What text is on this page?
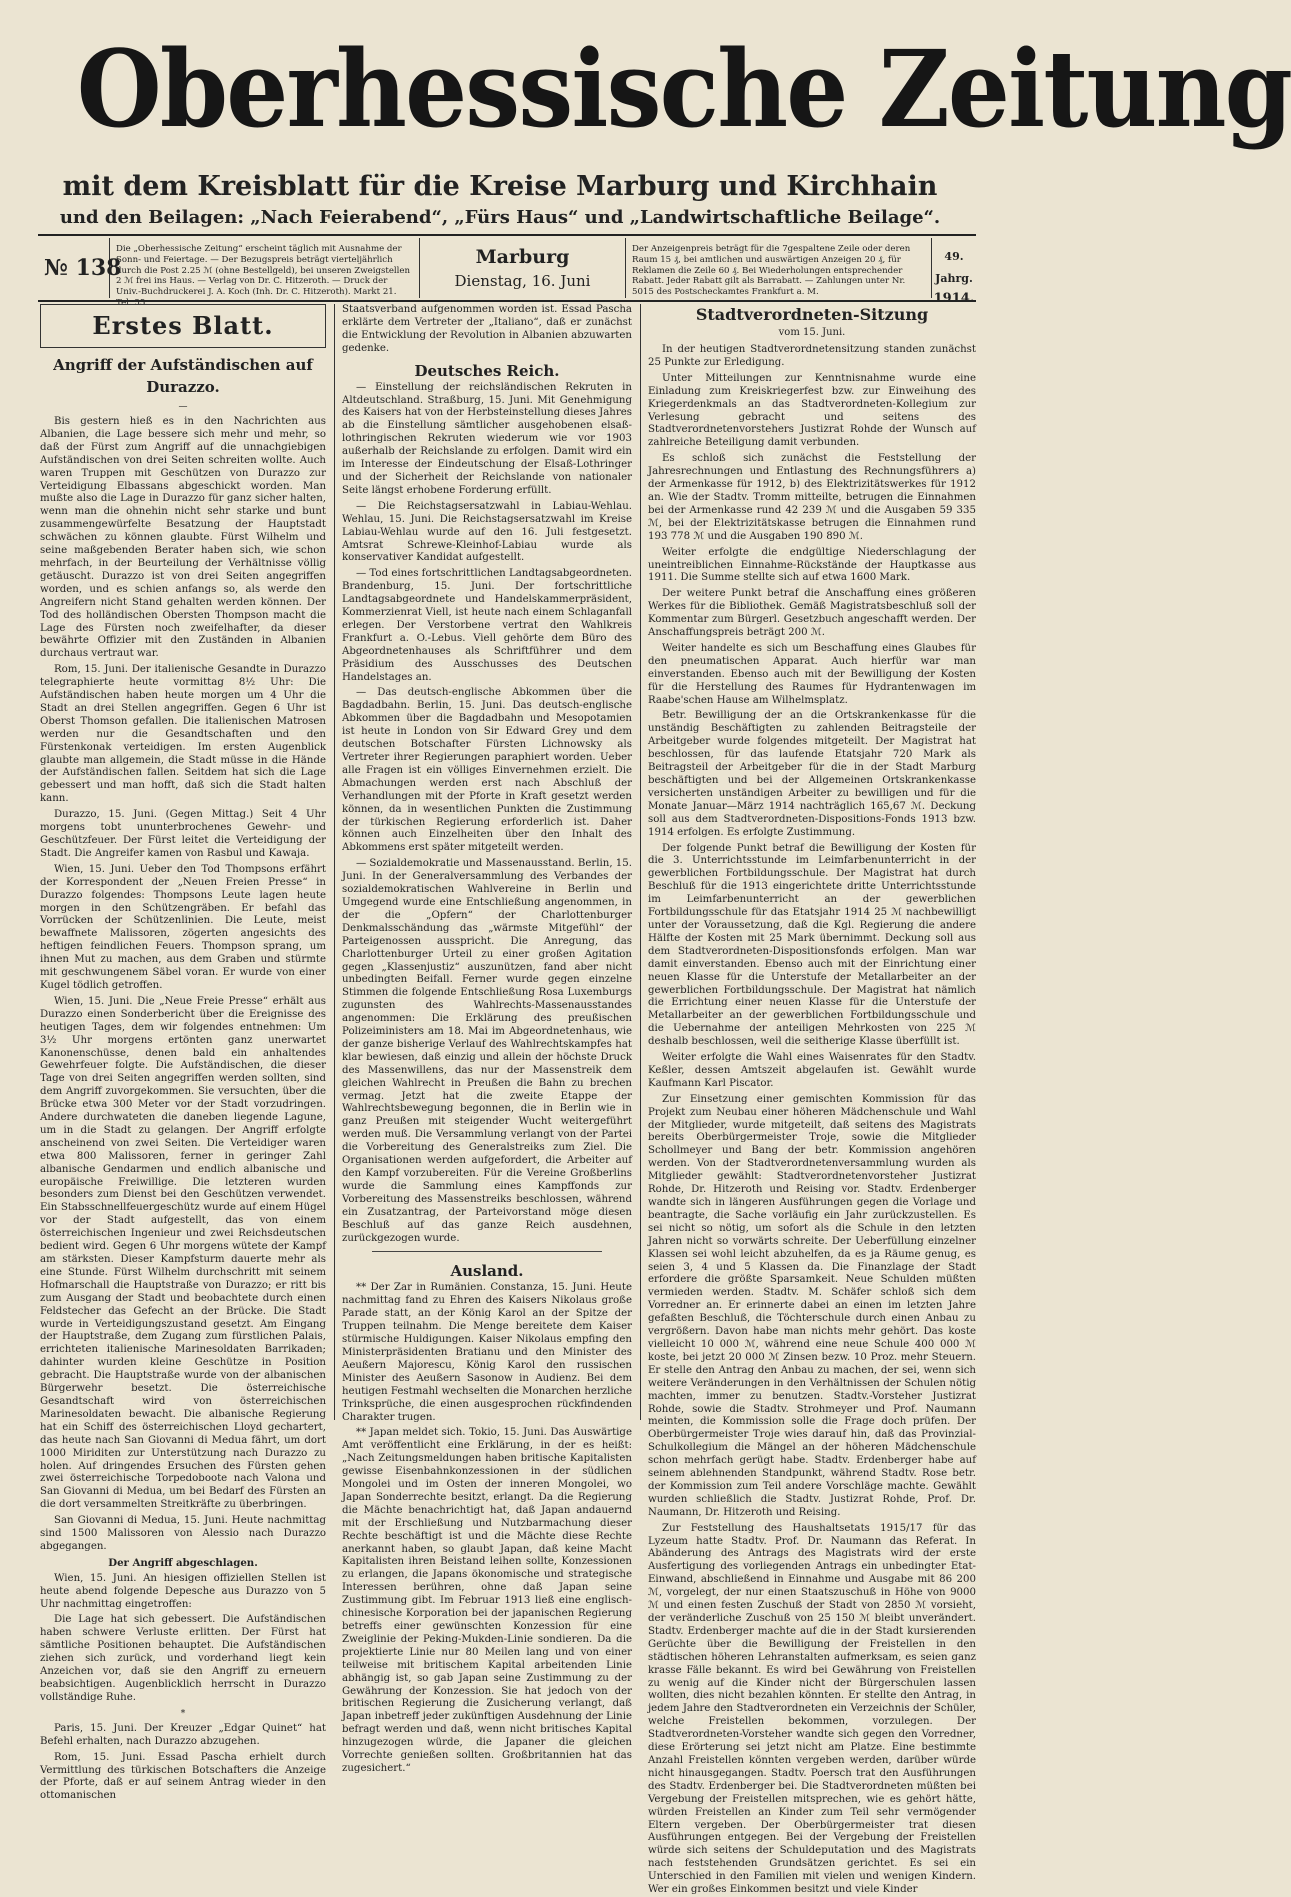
Oberhessische Zeitung
mit dem Kreisblatt für die Kreise Marburg und Kirchhain
und den Beilagen: „Nach Feierabend“, „Fürs Haus“ und „Landwirtschaftliche Beilage“.
№ 138
Die „Oberhessische Zeitung“ erscheint täglich mit Ausnahme der Sonn- und Feiertage. — Der Bezugspreis beträgt vierteljährlich durch die Post 2.25 ℳ (ohne Bestellgeld), bei unseren Zweigstellen 2 ℳ frei ins Haus. — Verlag von Dr. C. Hitzeroth. — Druck der Univ.-Buchdruckerei J. A. Koch (Inh. Dr. C. Hitzeroth). Markt 21. Tel. 55.
Marburg
Dienstag, 16. Juni
Der Anzeigenpreis beträgt für die 7gespaltene Zeile oder deren Raum 15 ₰, bei amtlichen und auswärtigen Anzeigen 20 ₰, für Reklamen die Zeile 60 ₰. Bei Wiederholungen entsprechender Rabatt. Jeder Rabatt gilt als Barrabatt. — Zahlungen unter Nr. 5015 des Postscheckamtes Frankfurt a. M.
49. Jahrg.
1914.
Erstes Blatt.
Angriff der Aufständischen auf Durazzo.
—

Bis gestern hieß es in den Nachrichten aus Albanien, die Lage bessere sich mehr und mehr, so daß der Fürst zum Angriff auf die unnachgiebigen Aufständischen von drei Seiten schreiten wollte. Auch waren Truppen mit Geschützen von Durazzo zur Verteidigung Elbassans abgeschickt worden. Man mußte also die Lage in Durazzo für ganz sicher halten, wenn man die ohnehin nicht sehr starke und bunt zusammengewürfelte Besatzung der Hauptstadt schwächen zu können glaubte. Fürst Wilhelm und seine maßgebenden Berater haben sich, wie schon mehrfach, in der Beurteilung der Verhältnisse völlig getäuscht. Durazzo ist von drei Seiten angegriffen worden, und es schien anfangs so, als werde den Angreifern nicht Stand gehalten werden können. Der Tod des holländischen Obersten Thompson macht die Lage des Fürsten noch zweifelhafter, da dieser bewährte Offizier mit den Zuständen in Albanien durchaus vertraut war.

Rom, 15. Juni. Der italienische Gesandte in Durazzo telegraphierte heute vormittag 8½ Uhr: Die Aufständischen haben heute morgen um 4 Uhr die Stadt an drei Stellen angegriffen. Gegen 6 Uhr ist Oberst Thomson gefallen. Die italienischen Matrosen werden nur die Gesandtschaften und den Fürstenkonak verteidigen. Im ersten Augenblick glaubte man allgemein, die Stadt müsse in die Hände der Aufständischen fallen. Seitdem hat sich die Lage gebessert und man hofft, daß sich die Stadt halten kann.

Durazzo, 15. Juni. (Gegen Mittag.) Seit 4 Uhr morgens tobt ununterbrochenes Gewehr- und Geschützfeuer. Der Fürst leitet die Verteidigung der Stadt. Die Angreifer kamen von Rasbul und Kawaja.

Wien, 15. Juni. Ueber den Tod Thompsons erfährt der Korrespondent der „Neuen Freien Presse“ in Durazzo folgendes: Thompsons Leute lagen heute morgen in den Schützengräben. Er befahl das Vorrücken der Schützenlinien. Die Leute, meist bewaffnete Malissoren, zögerten angesichts des heftigen feindlichen Feuers. Thompson sprang, um ihnen Mut zu machen, aus dem Graben und stürmte mit geschwungenem Säbel voran. Er wurde von einer Kugel tödlich getroffen.

Wien, 15. Juni. Die „Neue Freie Presse“ erhält aus Durazzo einen Sonderbericht über die Ereignisse des heutigen Tages, dem wir folgendes entnehmen: Um 3½ Uhr morgens ertönten ganz unerwartet Kanonenschüsse, denen bald ein anhaltendes Gewehrfeuer folgte. Die Aufständischen, die dieser Tage von drei Seiten angegriffen werden sollten, sind dem Angriff zuvorgekommen. Sie versuchten, über die Brücke etwa 300 Meter vor der Stadt vorzudringen. Andere durchwateten die daneben liegende Lagune, um in die Stadt zu gelangen. Der Angriff erfolgte anscheinend von zwei Seiten. Die Verteidiger waren etwa 800 Malissoren, ferner in geringer Zahl albanische Gendarmen und endlich albanische und europäische Freiwillige. Die letzteren wurden besonders zum Dienst bei den Geschützen verwendet. Ein Stabsschnellfeuergeschütz wurde auf einem Hügel vor der Stadt aufgestellt, das von einem österreichischen Ingenieur und zwei Reichsdeutschen bedient wird. Gegen 6 Uhr morgens wütete der Kampf am stärksten. Dieser Kampfsturm dauerte mehr als eine Stunde. Fürst Wilhelm durchschritt mit seinem Hofmarschall die Hauptstraße von Durazzo; er ritt bis zum Ausgang der Stadt und beobachtete durch einen Feldstecher das Gefecht an der Brücke. Die Stadt wurde in Verteidigungszustand gesetzt. Am Eingang der Hauptstraße, dem Zugang zum fürstlichen Palais, errichteten italienische Marinesoldaten Barrikaden; dahinter wurden kleine Geschütze in Position gebracht. Die Hauptstraße wurde von der albanischen Bürgerwehr besetzt. Die österreichische Gesandtschaft wird von österreichischen Marinesoldaten bewacht. Die albanische Regierung hat ein Schiff des österreichischen Lloyd gechartert, das heute nach San Giovanni di Medua fährt, um dort 1000 Miriditen zur Unterstützung nach Durazzo zu holen. Auf dringendes Ersuchen des Fürsten gehen zwei österreichische Torpedoboote nach Valona und San Giovanni di Medua, um bei Bedarf des Fürsten an die dort versammelten Streitkräfte zu überbringen.

San Giovanni di Medua, 15. Juni. Heute nachmittag sind 1500 Malissoren von Alessio nach Durazzo abgegangen.

Der Angriff abgeschlagen.

Wien, 15. Juni. An hiesigen offiziellen Stellen ist heute abend folgende Depesche aus Durazzo von 5 Uhr nachmittag eingetroffen:

Die Lage hat sich gebessert. Die Aufständischen haben schwere Verluste erlitten. Der Fürst hat sämtliche Positionen behauptet. Die Aufständischen ziehen sich zurück, und vorderhand liegt kein Anzeichen vor, daß sie den Angriff zu erneuern beabsichtigen. Augenblicklich herrscht in Durazzo vollständige Ruhe.

*

Paris, 15. Juni. Der Kreuzer „Edgar Quinet“ hat Befehl erhalten, nach Durazzo abzugehen.

Rom, 15. Juni. Essad Pascha erhielt durch Vermittlung des türkischen Botschafters die Anzeige der Pforte, daß er auf seinem Antrag wieder in den ottomanischen

Staatsverband aufgenommen worden ist. Essad Pascha erklärte dem Vertreter der „Italiano“, daß er zunächst die Entwicklung der Revolution in Albanien abzuwarten gedenke.

Deutsches Reich.

— Einstellung der reichsländischen Rekruten in Altdeutschland. Straßburg, 15. Juni. Mit Genehmigung des Kaisers hat von der Herbsteinstellung dieses Jahres ab die Einstellung sämtlicher ausgehobenen elsaß-lothringischen Rekruten wiederum wie vor 1903 außerhalb der Reichslande zu erfolgen. Damit wird ein im Interesse der Eindeutschung der Elsaß-Lothringer und der Sicherheit der Reichslande von nationaler Seite längst erhobene Forderung erfüllt.

— Die Reichstagsersatzwahl in Labiau-Wehlau. Wehlau, 15. Juni. Die Reichstagsersatzwahl im Kreise Labiau-Wehlau wurde auf den 16. Juli festgesetzt. Amtsrat Schrewe-Kleinhof-Labiau wurde als konservativer Kandidat aufgestellt.

— Tod eines fortschrittlichen Landtagsabgeordneten. Brandenburg, 15. Juni. Der fortschrittliche Landtagsabgeordnete und Handelskammerpräsident, Kommerzienrat Viell, ist heute nach einem Schlaganfall erlegen. Der Verstorbene vertrat den Wahlkreis Frankfurt a. O.-Lebus. Viell gehörte dem Büro des Abgeordnetenhauses als Schriftführer und dem Präsidium des Ausschusses des Deutschen Handelstages an.

— Das deutsch-englische Abkommen über die Bagdadbahn. Berlin, 15. Juni. Das deutsch-englische Abkommen über die Bagdadbahn und Mesopotamien ist heute in London von Sir Edward Grey und dem deutschen Botschafter Fürsten Lichnowsky als Vertreter ihrer Regierungen paraphiert worden. Ueber alle Fragen ist ein völliges Einvernehmen erzielt. Die Abmachungen werden erst nach Abschluß der Verhandlungen mit der Pforte in Kraft gesetzt werden können, da in wesentlichen Punkten die Zustimmung der türkischen Regierung erforderlich ist. Daher können auch Einzelheiten über den Inhalt des Abkommens erst später mitgeteilt werden.

— Sozialdemokratie und Massenausstand. Berlin, 15. Juni. In der Generalversammlung des Verbandes der sozialdemokratischen Wahlvereine in Berlin und Umgegend wurde eine Entschließung angenommen, in der die „Opfern“ der Charlottenburger Denkmalsschändung das „wärmste Mitgefühl“ der Parteigenossen ausspricht. Die Anregung, das Charlottenburger Urteil zu einer großen Agitation gegen „Klassenjustiz“ auszunützen, fand aber nicht unbedingten Beifall. Ferner wurde gegen einzelne Stimmen die folgende Entschließung Rosa Luxemburgs zugunsten des Wahlrechts-Massenausstandes angenommen: Die Erklärung des preußischen Polizeiministers am 18. Mai im Abgeordnetenhaus, wie der ganze bisherige Verlauf des Wahlrechtskampfes hat klar bewiesen, daß einzig und allein der höchste Druck des Massenwillens, das nur der Massenstreik dem gleichen Wahlrecht in Preußen die Bahn zu brechen vermag. Jetzt hat die zweite Etappe der Wahlrechtsbewegung begonnen, die in Berlin wie in ganz Preußen mit steigender Wucht weitergeführt werden muß. Die Versammlung verlangt von der Partei die Vorbereitung des Generalstreiks zum Ziel. Die Organisationen werden aufgefordert, die Arbeiter auf den Kampf vorzubereiten. Für die Vereine Großberlins wurde die Sammlung eines Kampffonds zur Vorbereitung des Massenstreiks beschlossen, während ein Zusatzantrag, der Parteivorstand möge diesen Beschluß auf das ganze Reich ausdehnen, zurückgezogen wurde.

Ausland.

** Der Zar in Rumänien. Constanza, 15. Juni. Heute nachmittag fand zu Ehren des Kaisers Nikolaus große Parade statt, an der König Karol an der Spitze der Truppen teilnahm. Die Menge bereitete dem Kaiser stürmische Huldigungen. Kaiser Nikolaus empfing den Ministerpräsidenten Bratianu und den Minister des Aeußern Majorescu, König Karol den russischen Minister des Aeußern Sasonow in Audienz. Bei dem heutigen Festmahl wechselten die Monarchen herzliche Trinksprüche, die einen ausgesprochen rückfindenden Charakter trugen.

** Japan meldet sich. Tokio, 15. Juni. Das Auswärtige Amt veröffentlicht eine Erklärung, in der es heißt: „Nach Zeitungsmeldungen haben britische Kapitalisten gewisse Eisenbahnkonzessionen in der südlichen Mongolei und im Osten der inneren Mongolei, wo Japan Sonderrechte besitzt, erlangt. Da die Regierung die Mächte benachrichtigt hat, daß Japan andauernd mit der Erschließung und Nutzbarmachung dieser Rechte beschäftigt ist und die Mächte diese Rechte anerkannt haben, so glaubt Japan, daß keine Macht Kapitalisten ihren Beistand leihen sollte, Konzessionen zu erlangen, die Japans ökonomische und strategische Interessen berühren, ohne daß Japan seine Zustimmung gibt. Im Februar 1913 ließ eine englisch-chinesische Korporation bei der japanischen Regierung betreffs einer gewünschten Konzession für eine Zweiglinie der Peking-Mukden-Linie sondieren. Da die projektierte Linie nur 80 Meilen lang und von einer teilweise mit britischem Kapital arbeitenden Linie abhängig ist, so gab Japan seine Zustimmung zu der Gewährung der Konzession. Sie hat jedoch von der britischen Regierung die Zusicherung verlangt, daß Japan inbetreff jeder zukünftigen Ausdehnung der Linie befragt werden und daß, wenn nicht britisches Kapital hinzugezogen würde, die Japaner die gleichen Vorrechte genießen sollten. Großbritannien hat das zugesichert.“

Stadtverordneten-Sitzung
vom 15. Juni.

In der heutigen Stadtverordnetensitzung standen zunächst 25 Punkte zur Erledigung.

Unter Mitteilungen zur Kenntnisnahme wurde eine Einladung zum Kreiskriegerfest bzw. zur Einweihung des Kriegerdenkmals an das Stadtverordneten-Kollegium zur Verlesung gebracht und seitens des Stadtverordnetenvorstehers Justizrat Rohde der Wunsch auf zahlreiche Beteiligung damit verbunden.

Es schloß sich zunächst die Feststellung der Jahresrechnungen und Entlastung des Rechnungsführers a) der Armenkasse für 1912, b) des Elektrizitätswerkes für 1912 an. Wie der Stadtv. Tromm mitteilte, betrugen die Einnahmen bei der Armenkasse rund 42 239 ℳ und die Ausgaben 59 335 ℳ, bei der Elektrizitätskasse betrugen die Einnahmen rund 193 778 ℳ und die Ausgaben 190 890 ℳ.

Weiter erfolgte die endgültige Niederschlagung der uneintreiblichen Einnahme-Rückstände der Hauptkasse aus 1911. Die Summe stellte sich auf etwa 1600 Mark.

Der weitere Punkt betraf die Anschaffung eines größeren Werkes für die Bibliothek. Gemäß Magistratsbeschluß soll der Kommentar zum Bürgerl. Gesetzbuch angeschafft werden. Der Anschaffungspreis beträgt 200 ℳ.

Weiter handelte es sich um Beschaffung eines Glaubes für den pneumatischen Apparat. Auch hierfür war man einverstanden. Ebenso auch mit der Bewilligung der Kosten für die Herstellung des Raumes für Hydrantenwagen im Raabe'schen Hause am Wilhelmsplatz.

Betr. Bewilligung der an die Ortskrankenkasse für die unständig Beschäftigten zu zahlenden Beitragsteile der Arbeitgeber wurde folgendes mitgeteilt. Der Magistrat hat beschlossen, für das laufende Etatsjahr 720 Mark als Beitragsteil der Arbeitgeber für die in der Stadt Marburg beschäftigten und bei der Allgemeinen Ortskrankenkasse versicherten unständigen Arbeiter zu bewilligen und für die Monate Januar—März 1914 nachträglich 165,67 ℳ. Deckung soll aus dem Stadtverordneten-Dispositions-Fonds 1913 bzw. 1914 erfolgen. Es erfolgte Zustimmung.

Der folgende Punkt betraf die Bewilligung der Kosten für die 3. Unterrichtsstunde im Leimfarbenunterricht in der gewerblichen Fortbildungsschule. Der Magistrat hat durch Beschluß für die 1913 eingerichtete dritte Unterrichtsstunde im Leimfarbenunterricht an der gewerblichen Fortbildungsschule für das Etatsjahr 1914 25 ℳ nachbewilligt unter der Voraussetzung, daß die Kgl. Regierung die andere Hälfte der Kosten mit 25 Mark übernimmt. Deckung soll aus dem Stadtverordneten-Dispositionsfonds erfolgen. Man war damit einverstanden. Ebenso auch mit der Einrichtung einer neuen Klasse für die Unterstufe der Metallarbeiter an der gewerblichen Fortbildungsschule. Der Magistrat hat nämlich die Errichtung einer neuen Klasse für die Unterstufe der Metallarbeiter an der gewerblichen Fortbildungsschule und die Uebernahme der anteiligen Mehrkosten von 225 ℳ deshalb beschlossen, weil die seitherige Klasse überfüllt ist.

Weiter erfolgte die Wahl eines Waisenrates für den Stadtv. Keßler, dessen Amtszeit abgelaufen ist. Gewählt wurde Kaufmann Karl Piscator.

Zur Einsetzung einer gemischten Kommission für das Projekt zum Neubau einer höheren Mädchenschule und Wahl der Mitglieder, wurde mitgeteilt, daß seitens des Magistrats bereits Oberbürgermeister Troje, sowie die Mitglieder Schollmeyer und Bang der betr. Kommission angehören werden. Von der Stadtverordnetenversammlung wurden als Mitglieder gewählt: Stadtverordnetenvorsteher Justizrat Rohde, Dr. Hitzeroth und Reising vor. Stadtv. Erdenberger wandte sich in längeren Ausführungen gegen die Vorlage und beantragte, die Sache vorläufig ein Jahr zurückzustellen. Es sei nicht so nötig, um sofort als die Schule in den letzten Jahren nicht so vorwärts schreite. Der Ueberfüllung einzelner Klassen sei wohl leicht abzuhelfen, da es ja Räume genug, es seien 3, 4 und 5 Klassen da. Die Finanzlage der Stadt erfordere die größte Sparsamkeit. Neue Schulden müßten vermieden werden. Stadtv. M. Schäfer schloß sich dem Vorredner an. Er erinnerte dabei an einen im letzten Jahre gefaßten Beschluß, die Töchterschule durch einen Anbau zu vergrößern. Davon habe man nichts mehr gehört. Das koste vielleicht 10 000 ℳ, während eine neue Schule 400 000 ℳ koste, bei jetzt 20 000 ℳ Zinsen bezw. 10 Proz. mehr Steuern. Er stelle den Antrag den Anbau zu machen, der sei, wenn sich weitere Veränderungen in den Verhältnissen der Schulen nötig machten, immer zu benutzen. Stadtv.-Vorsteher Justizrat Rohde, sowie die Stadtv. Strohmeyer und Prof. Naumann meinten, die Kommission solle die Frage doch prüfen. Der Oberbürgermeister Troje wies darauf hin, daß das Provinzial-Schulkollegium die Mängel an der höheren Mädchenschule schon mehrfach gerügt habe. Stadtv. Erdenberger habe auf seinem ablehnenden Standpunkt, während Stadtv. Rose betr. der Kommission zum Teil andere Vorschläge machte. Gewählt wurden schließlich die Stadtv. Justizrat Rohde, Prof. Dr. Naumann, Dr. Hitzeroth und Reising.

Zur Feststellung des Haushaltsetats 1915/17 für das Lyzeum hatte Stadtv. Prof. Dr. Naumann das Referat. In Abänderung des Antrags des Magistrats wird der erste Ausfertigung des vorliegenden Antrags ein unbedingter Etat-Einwand, abschließend in Einnahme und Ausgabe mit 86 200 ℳ, vorgelegt, der nur einen Staatszuschuß in Höhe von 9000 ℳ und einen festen Zuschuß der Stadt von 2850 ℳ vorsieht, der veränderliche Zuschuß von 25 150 ℳ bleibt unverändert. Stadtv. Erdenberger machte auf die in der Stadt kursierenden Gerüchte über die Bewilligung der Freistellen in den städtischen höheren Lehranstalten aufmerksam, es seien ganz krasse Fälle bekannt. Es wird bei Gewährung von Freistellen zu wenig auf die Kinder nicht der Bürgerschulen lassen wollten, dies nicht bezahlen könnten. Er stellte den Antrag, in jedem Jahre den Stadtverordneten ein Verzeichnis der Schüler, welche Freistellen bekommen, vorzulegen. Der Stadtverordneten-Vorsteher wandte sich gegen den Vorredner, diese Erörterung sei jetzt nicht am Platze. Eine bestimmte Anzahl Freistellen könnten vergeben werden, darüber würde nicht hinausgegangen. Stadtv. Poersch trat den Ausführungen des Stadtv. Erdenberger bei. Die Stadtverordneten müßten bei Vergebung der Freistellen mitsprechen, wie es gehört hätte, würden Freistellen an Kinder zum Teil sehr vermögender Eltern vergeben. Der Oberbürgermeister trat diesen Ausführungen entgegen. Bei der Vergebung der Freistellen würde sich seitens der Schuldeputation und des Magistrats nach feststehenden Grundsätzen gerichtet. Es sei ein Unterschied in den Familien mit vielen und wenigen Kindern. Wer ein großes Einkommen besitzt und viele Kinder
